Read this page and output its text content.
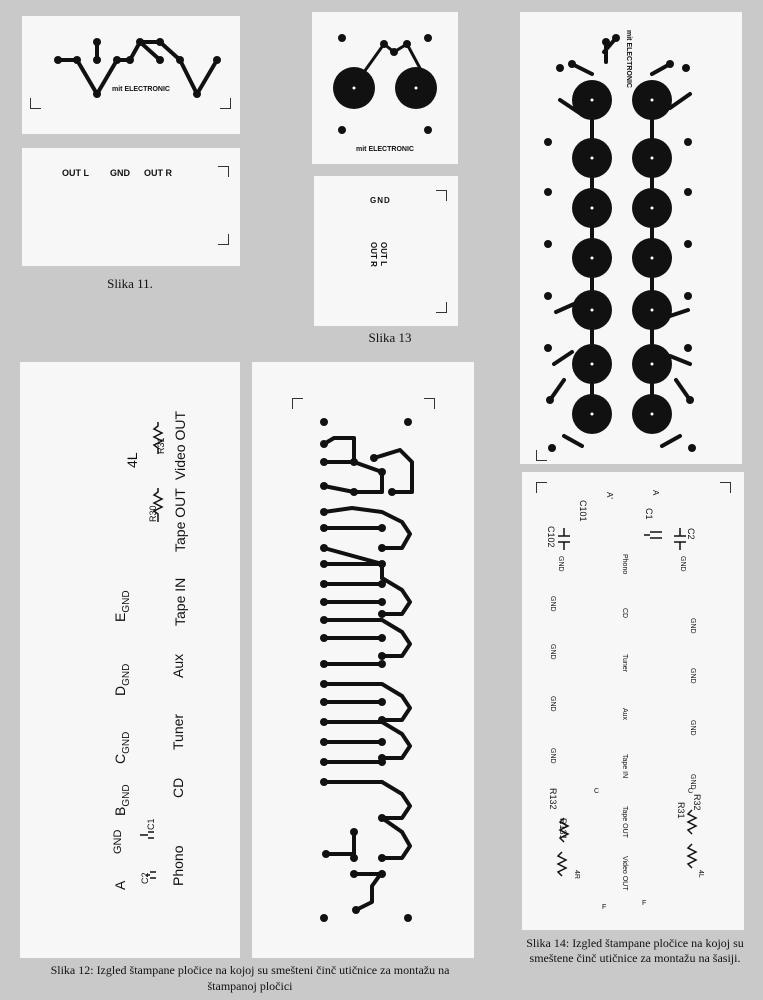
mit ELECTRONIC
OUT L GND OUT R
Slika 11.
mit ELECTRONIC
GND
OUT L
OUT R
Slika 13
mit ELECTRONIC
4L
R31
R30
Video OUT
Tape OUT
Tape IN
Aux
Tuner
CD
Phono
$E_{GND}$
$D_{GND}$
$C_{GND}$
$B_{GND}$
GND
A
C1
C2
C101
C102
C1
C2
A'	A
GND
GND
GND
GND
GND
GND
GND
GND
GND
GND
Phono
CD
Tuner
Aux
Tape IN
Tape OUT
Video OUT
R132
R131
R32
R31
4R	4L
C	C
F
F
Slika 14: Izgled štampane pločice na kojoj su smeštene činč utičnice za montažu na šasiji.
Slika 12: Izgled štampane pločice na kojoj su smešteni činč utičnice za montažu na štampanoj pločici
